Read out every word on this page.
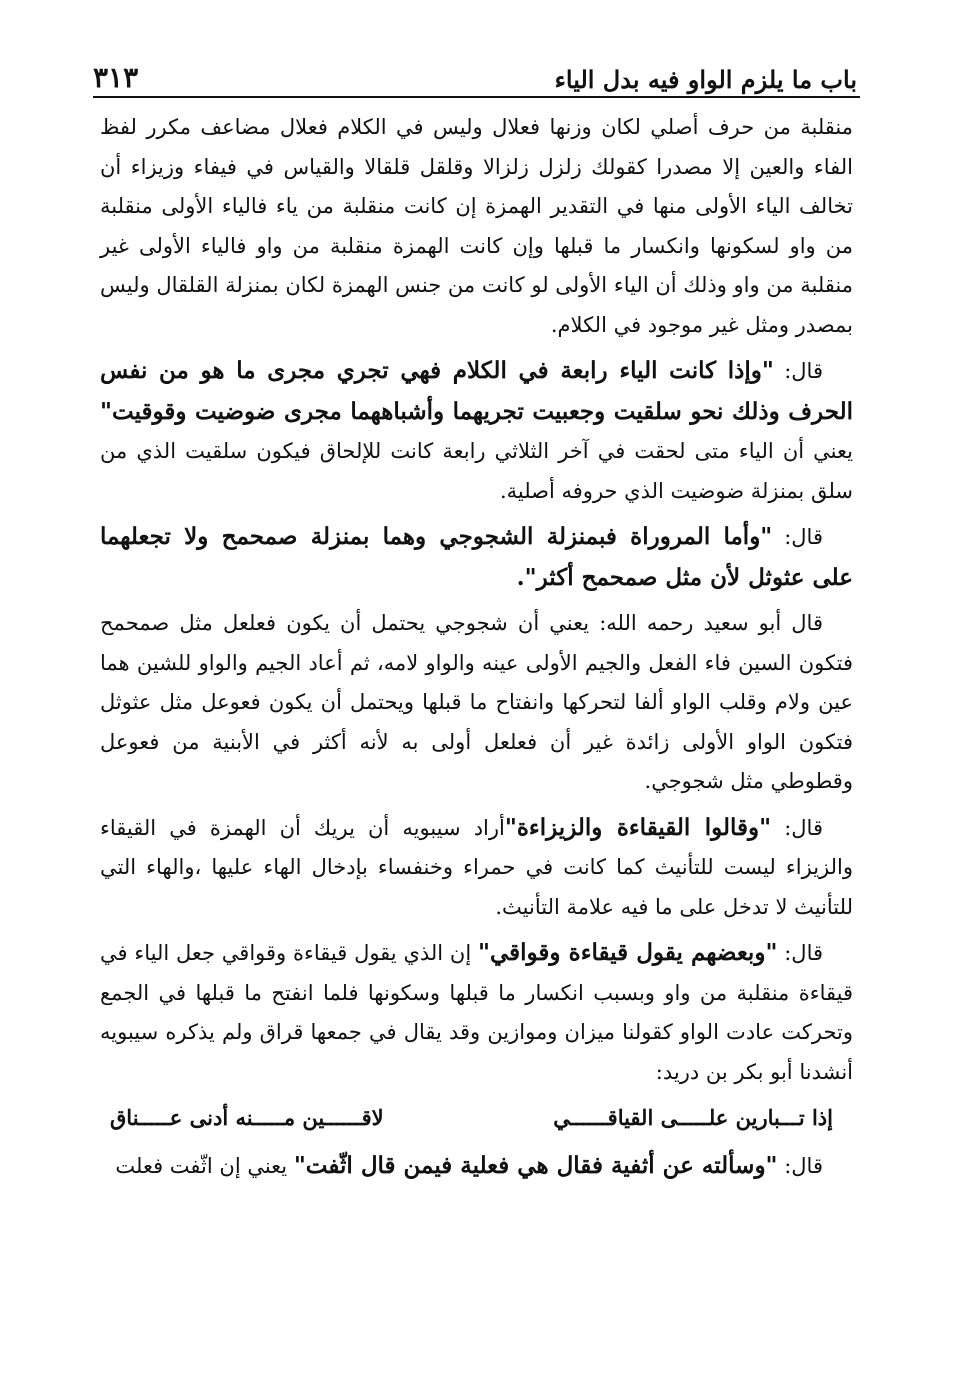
باب ما يلزم الواو فيه بدل الياء
٣١٣

منقلبة من حرف أصلي لكان وزنها فعلال وليس في الكلام فعلال مضاعف مكرر لفظ الفاء والعين إلا مصدرا كقولك زلزل زلزالا وقلقل قلقالا والقياس في فيفاء وزيزاء أن تخالف الياء الأولى منها في التقدير الهمزة إن كانت منقلبة من ياء فالياء الأولى منقلبة من واو لسكونها وانكسار ما قبلها وإن كانت الهمزة منقلبة من واو فالياء الأولى غير منقلبة من واو وذلك أن الياء الأولى لو كانت من جنس الهمزة لكان بمنزلة القلقال وليس بمصدر ومثل غير موجود في الكلام.

قال: "وإذا كانت الياء رابعة في الكلام فهي تجري مجرى ما هو من نفس الحرف وذلك نحو سلقيت وجعبيت تجريهما وأشباههما مجرى ضوضيت وقوقيت" يعني أن الياء متى لحقت في آخر الثلاثي رابعة كانت للإلحاق فيكون سلقيت الذي من سلق بمنزلة ضوضيت الذي حروفه أصلية.

قال: "وأما المروراة فبمنزلة الشجوجي وهما بمنزلة صمحمح ولا تجعلهما على عثوثل لأن مثل صمحمح أكثر".

قال أبو سعيد رحمه الله: يعني أن شجوجي يحتمل أن يكون فعلعل مثل صمحمح فتكون السين فاء الفعل والجيم الأولى عينه والواو لامه، ثم أعاد الجيم والواو للشين هما عين ولام وقلب الواو ألفا لتحركها وانفتاح ما قبلها ويحتمل أن يكون فعوعل مثل عثوثل فتكون الواو الأولى زائدة غير أن فعلعل أولى به لأنه أكثر في الأبنية من فعوعل وقطوطي مثل شجوجي.

قال: "وقالوا القيقاءة والزيزاءة"أراد سيبويه أن يريك أن الهمزة في القيقاء والزيزاء ليست للتأنيث كما كانت في حمراء وخنفساء بإدخال الهاء عليها ،والهاء التي للتأنيث لا تدخل على ما فيه علامة التأنيث.

قال: "وبعضهم يقول قيقاءة وقواقي" إن الذي يقول قيقاءة وقواقي جعل الياء في قيقاءة منقلبة من واو وبسبب انكسار ما قبلها وسكونها فلما انفتح ما قبلها في الجمع وتحركت عادت الواو كقولنا ميزان وموازين وقد يقال في جمعها قراق ولم يذكره سيبويه أنشدنا أبو بكر بن دريد:

إذا تـــبارين علـــــى القياقــــــي
لاقــــــين مـــــنه أدنى عـــــناق

قال: "وسألته عن أثفية فقال هي فعلية فيمن قال اثّفت" يعني إن اثّفت فعلت
